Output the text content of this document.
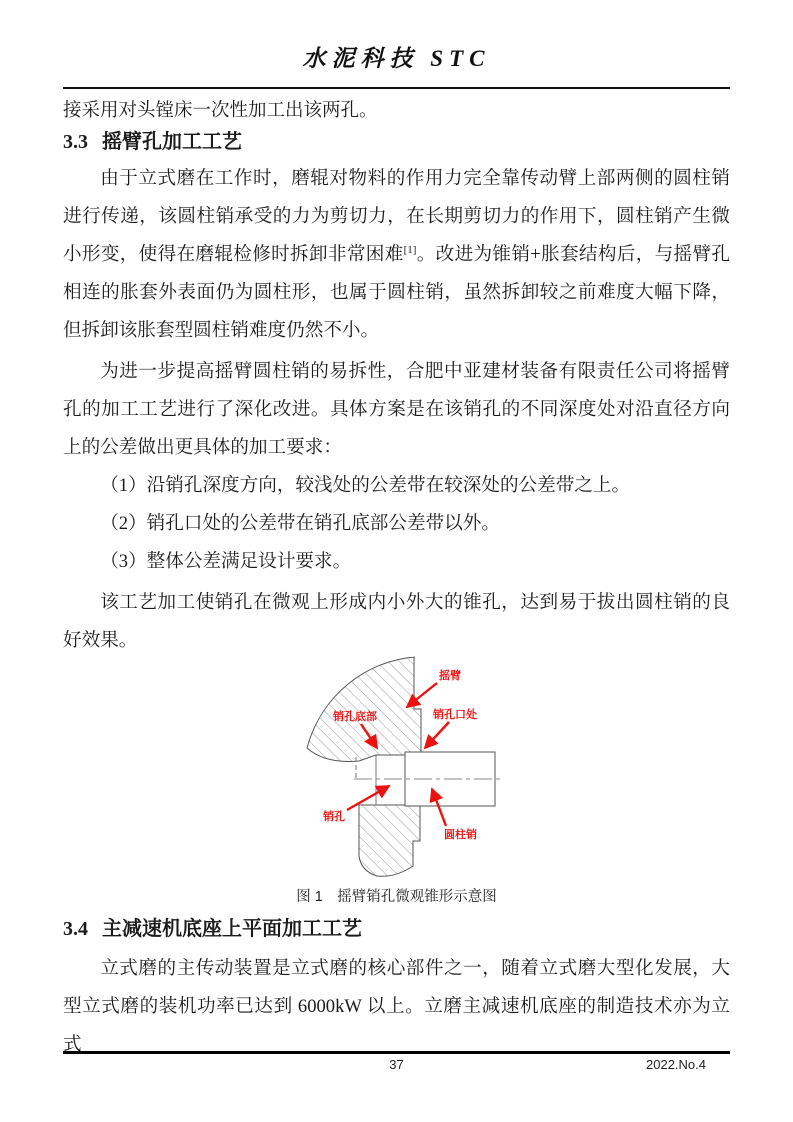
水泥科技 STC

接采用对头镗床一次性加工出该两孔。

3.3 摇臂孔加工工艺

由于立式磨在工作时，磨辊对物料的作用力完全靠传动臂上部两侧的圆柱销进行传递，该圆柱销承受的力为剪切力，在长期剪切力的作用下，圆柱销产生微小形变，使得在磨辊检修时拆卸非常困难[1]。改进为锥销+胀套结构后，与摇臂孔相连的胀套外表面仍为圆柱形，也属于圆柱销，虽然拆卸较之前难度大幅下降，但拆卸该胀套型圆柱销难度仍然不小。

为进一步提高摇臂圆柱销的易拆性，合肥中亚建材装备有限责任公司将摇臂孔的加工工艺进行了深化改进。具体方案是在该销孔的不同深度处对沿直径方向上的公差做出更具体的加工要求：

（1）沿销孔深度方向，较浅处的公差带在较深处的公差带之上。

（2）销孔口处的公差带在销孔底部公差带以外。

（3）整体公差满足设计要求。

该工艺加工使销孔在微观上形成内小外大的锥孔，达到易于拔出圆柱销的良好效果。

摇臂
销孔口处
销孔底部
销孔
圆柱销

图 1　摇臂销孔微观锥形示意图

3.4 主减速机底座上平面加工工艺

立式磨的主传动装置是立式磨的核心部件之一，随着立式磨大型化发展，大型立式磨的装机功率已达到 6000kW 以上。立磨主减速机底座的制造技术亦为立式

37	2022.No.4
